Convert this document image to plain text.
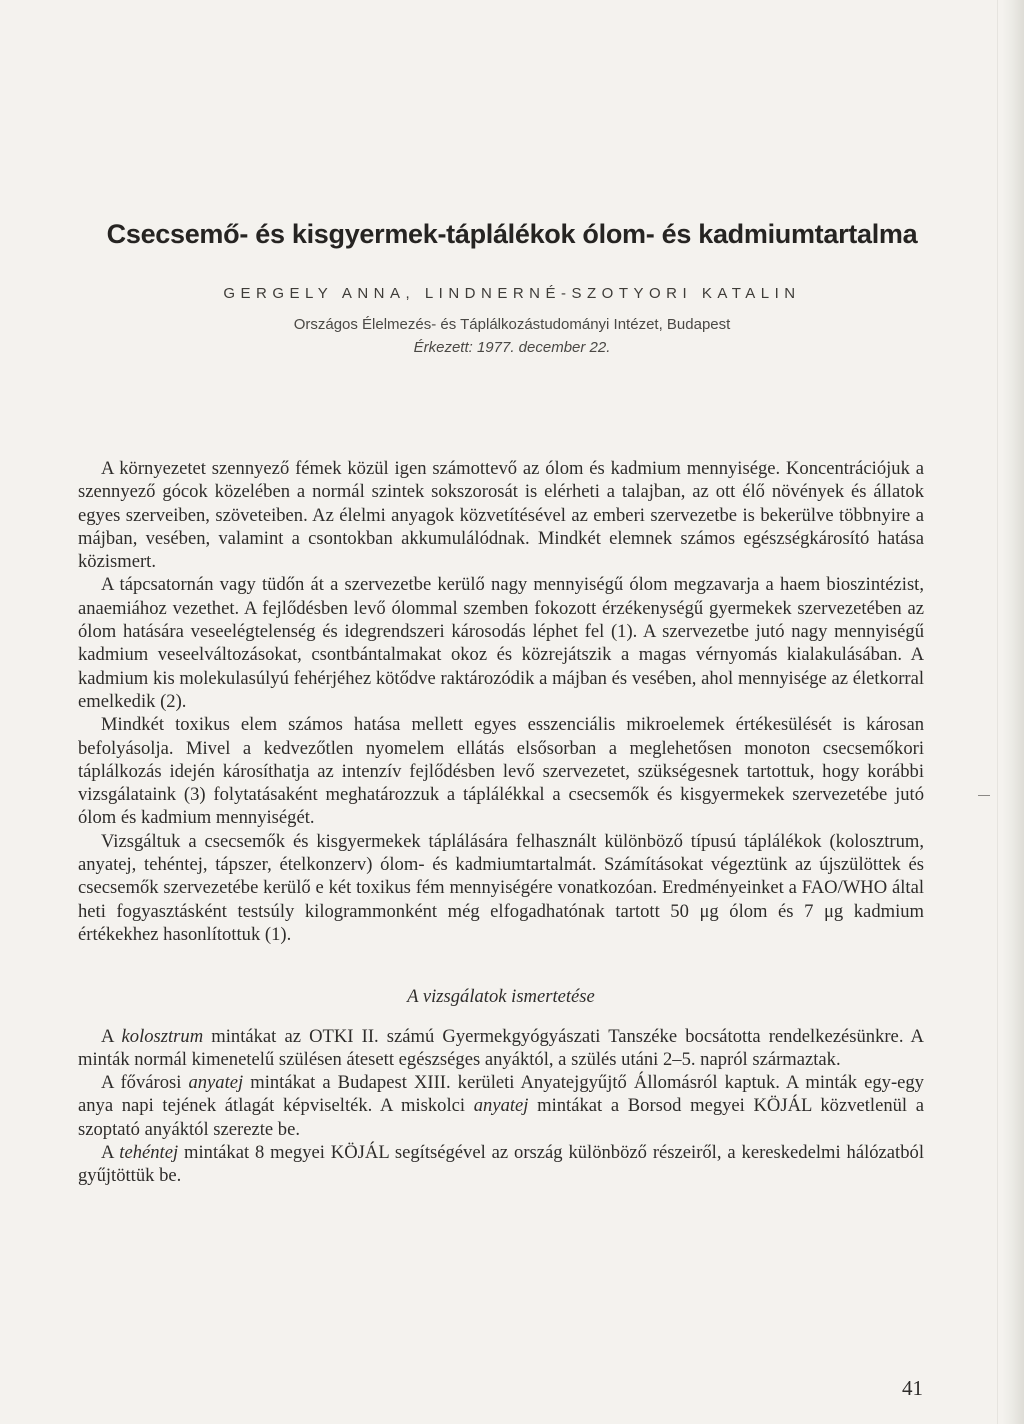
Csecsemő- és kisgyermek-táplálékok ólom- és kadmiumtartalma
GERGELY ANNA, LINDNERNÉ-SZOTYORI KATALIN
Országos Élelmezés- és Táplálkozástudományi Intézet, Budapest
Érkezett: 1977. december 22.

A környezetet szennyező fémek közül igen számottevő az ólom és kadmium mennyisége. Koncentrációjuk a szennyező gócok közelében a normál szintek sokszorosát is elérheti a talajban, az ott élő növények és állatok egyes szerveiben, szöveteiben. Az élelmi anyagok közvetítésével az emberi szervezetbe is bekerülve többnyire a májban, vesében, valamint a csontokban akkumulálódnak. Mindkét elemnek számos egészségkárosító hatása közismert.

A tápcsatornán vagy tüdőn át a szervezetbe kerülő nagy mennyiségű ólom megzavarja a haem bioszintézist, anaemiához vezethet. A fejlődésben levő ólommal szemben fokozott érzékenységű gyermekek szervezetében az ólom hatására veseelégtelenség és idegrendszeri károsodás léphet fel (1). A szervezetbe jutó nagy mennyiségű kadmium veseelváltozásokat, csontbántalmakat okoz és közrejátszik a magas vérnyomás kialakulásában. A kadmium kis molekulasúlyú fehérjéhez kötődve raktározódik a májban és vesében, ahol mennyisége az életkorral emelkedik (2).

Mindkét toxikus elem számos hatása mellett egyes esszenciális mikroelemek értékesülését is károsan befolyásolja. Mivel a kedvezőtlen nyomelem ellátás elsősorban a meglehetősen monoton csecsemőkori táplálkozás idején károsíthatja az intenzív fejlődésben levő szervezetet, szükségesnek tartottuk, hogy korábbi vizsgálataink (3) folytatásaként meghatározzuk a táplálékkal a csecsemők és kisgyermekek szervezetébe jutó ólom és kadmium mennyiségét.

Vizsgáltuk a csecsemők és kisgyermekek táplálására felhasznált különböző típusú táplálékok (kolosztrum, anyatej, tehéntej, tápszer, ételkonzerv) ólom- és kadmiumtartalmát. Számításokat végeztünk az újszülöttek és csecsemők szervezetébe kerülő e két toxikus fém mennyiségére vonatkozóan. Eredményeinket a FAO/WHO által heti fogyasztásként testsúly kilogrammonként még elfogadhatónak tartott 50 μg ólom és 7 μg kadmium értékekhez hasonlítottuk (1).

A vizsgálatok ismertetése

A kolosztrum mintákat az OTKI II. számú Gyermekgyógyászati Tanszéke bocsátotta rendelkezésünkre. A minták normál kimenetelű szülésen átesett egészséges anyáktól, a szülés utáni 2–5. napról származtak.

A fővárosi anyatej mintákat a Budapest XIII. kerületi Anyatejgyűjtő Állomásról kaptuk. A minták egy-egy anya napi tejének átlagát képviselték. A miskolci anyatej mintákat a Borsod megyei KÖJÁL közvetlenül a szoptató anyáktól szerezte be.

A tehéntej mintákat 8 megyei KÖJÁL segítségével az ország különböző részeiről, a kereskedelmi hálózatból gyűjtöttük be.

41
